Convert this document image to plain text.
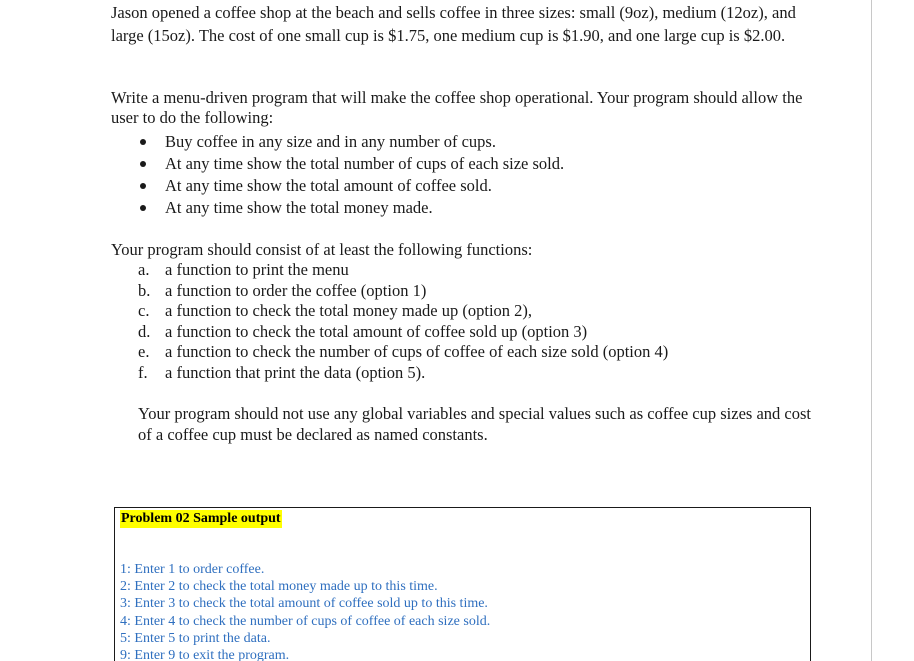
Jason opened a coffee shop at the beach and sells coffee in three sizes: small (9oz), medium (12oz), and large (15oz). The cost of one small cup is $1.75, one medium cup is $1.90, and one large cup is $2.00.

Write a menu-driven program that will make the coffee shop operational. Your program should allow the user to do the following:

Buy coffee in any size and in any number of cups.
At any time show the total number of cups of each size sold.
At any time show the total amount of coffee sold.
At any time show the total money made.

Your program should consist of at least the following functions:

a. a function to print the menu
b. a function to order the coffee (option 1)
c. a function to check the total money made up (option 2),
d. a function to check the total amount of coffee sold up (option 3)
e. a function to check the number of cups of coffee of each size sold (option 4)
f. a function that print the data (option 5).

Your program should not use any global variables and special values such as coffee cup sizes and cost of a coffee cup must be declared as named constants.

Problem 02 Sample output
1: Enter 1 to order coffee.
2: Enter 2 to check the total money made up to this time.
3: Enter 3 to check the total amount of coffee sold up to this time.
4: Enter 4 to check the number of cups of coffee of each size sold.
5: Enter 5 to print the data.
9: Enter 9 to exit the program.
